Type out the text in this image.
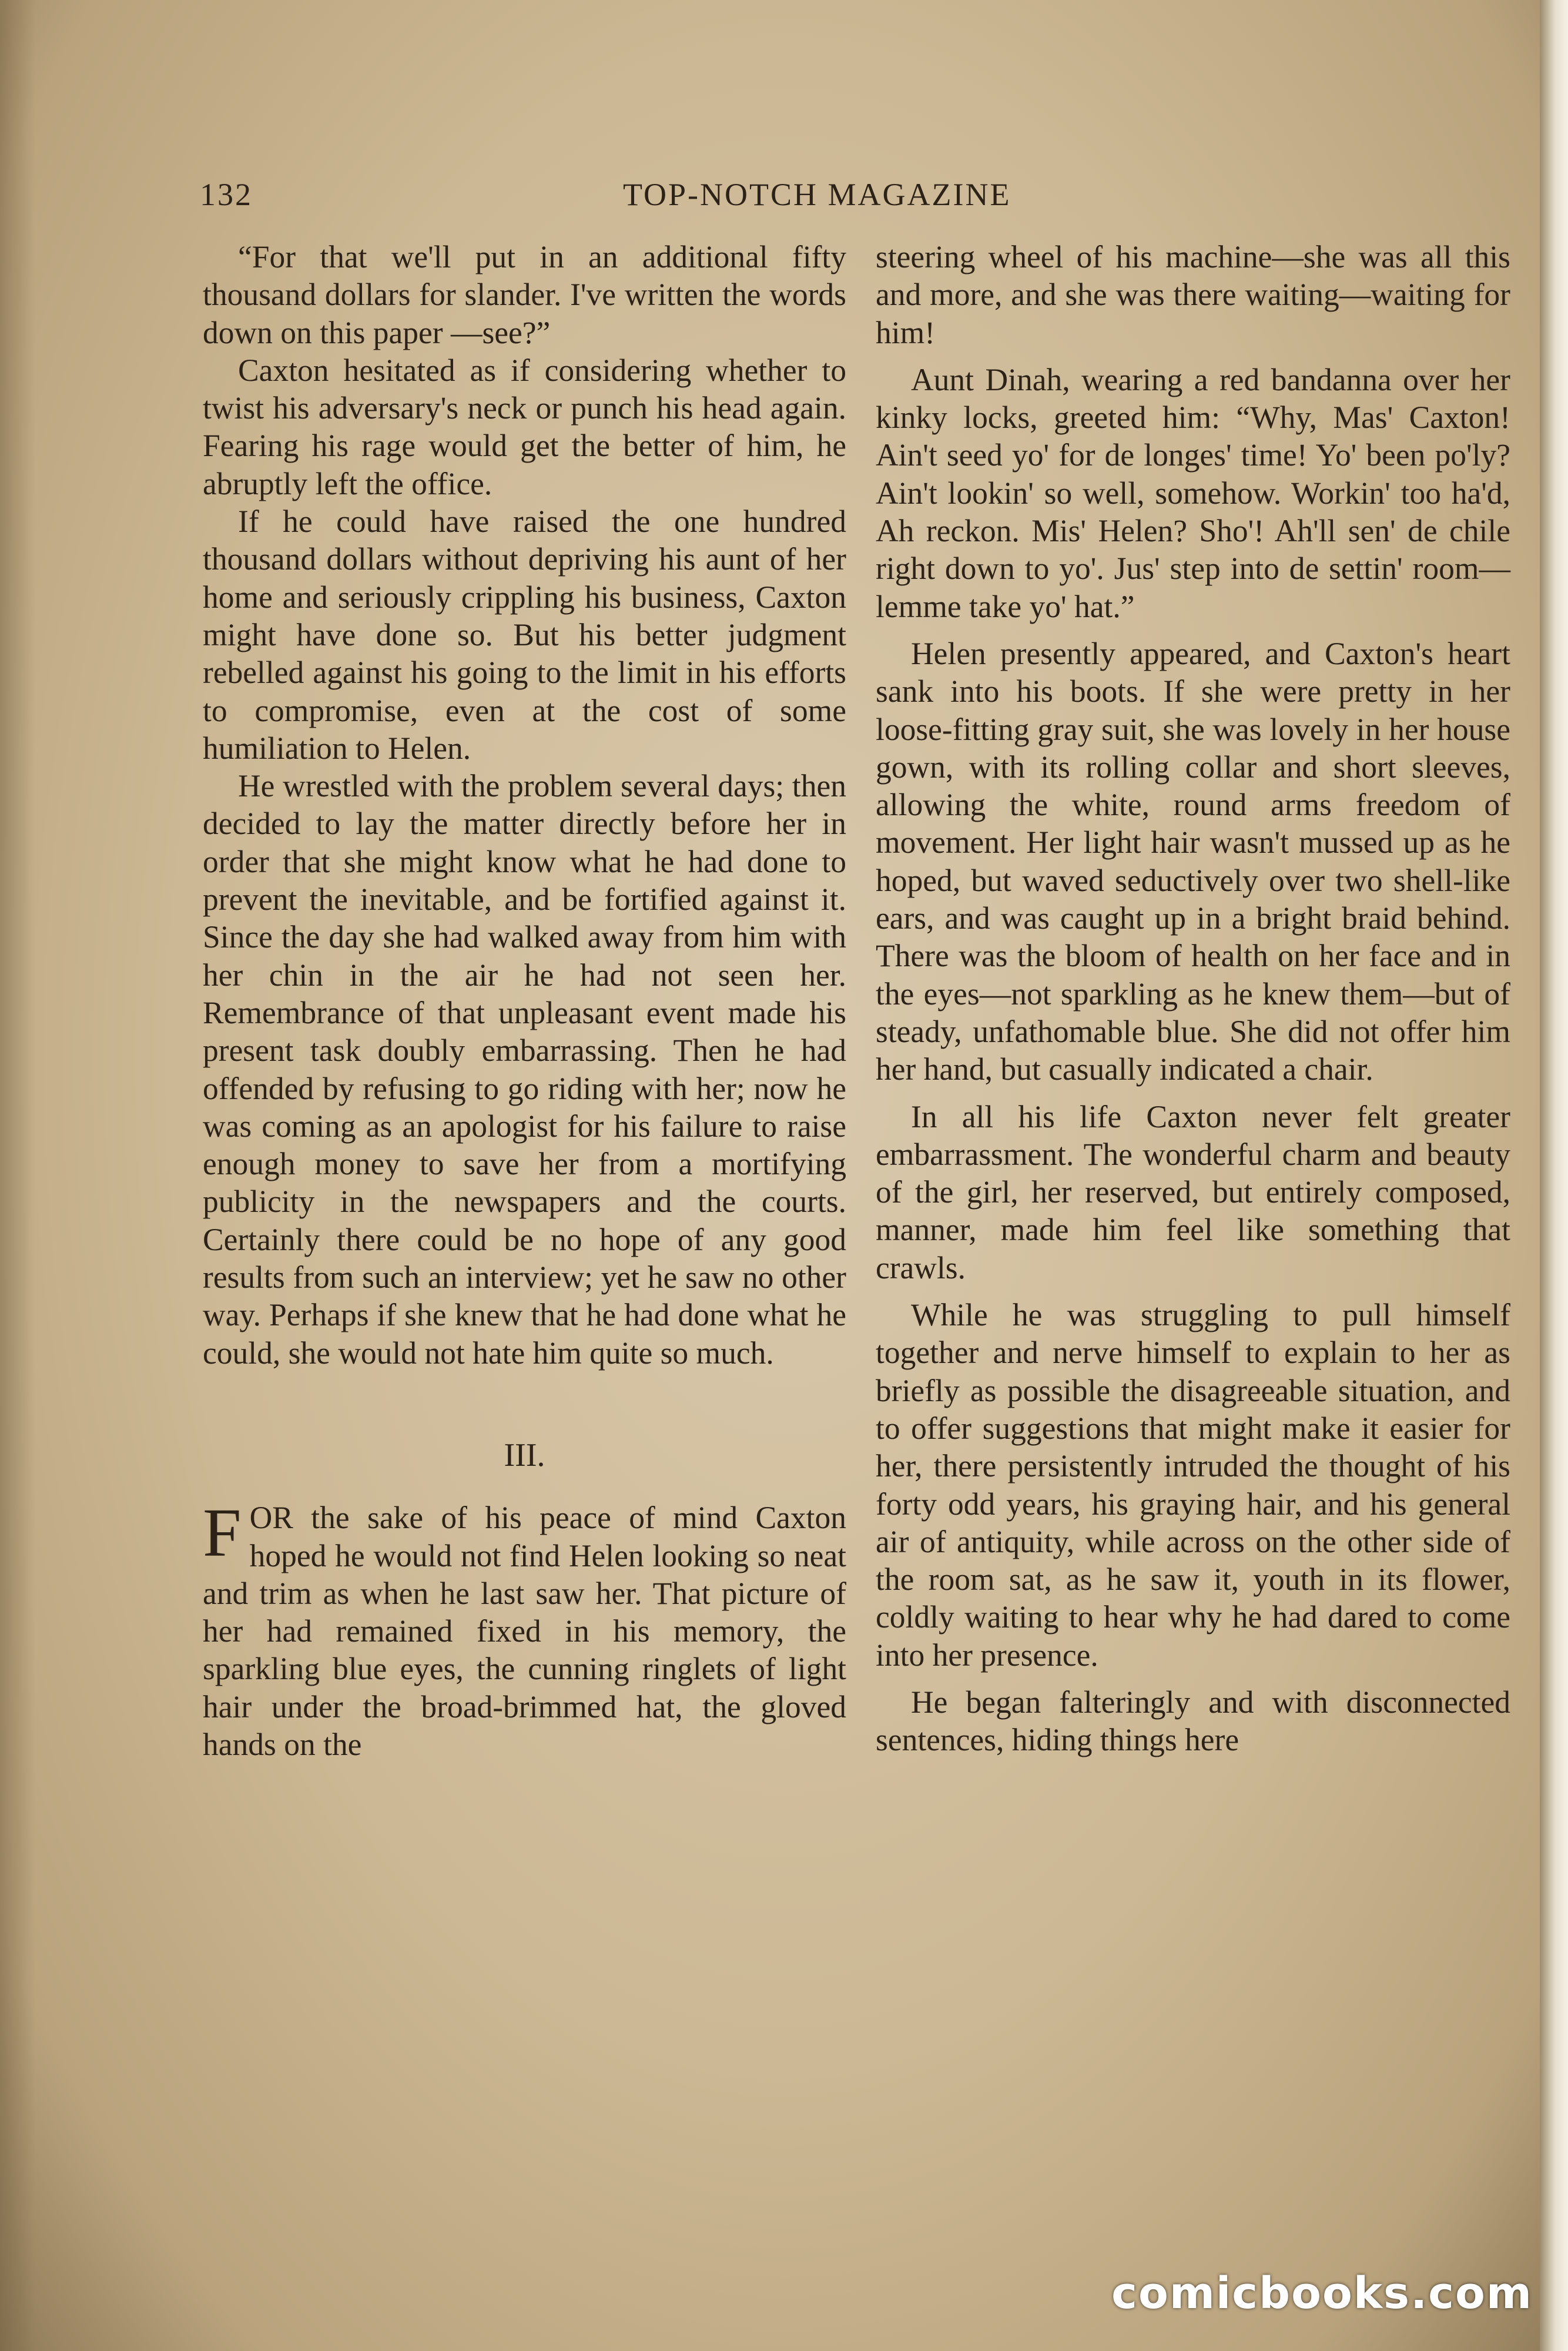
132	TOP-NOTCH MAGAZINE

“For that we'll put in an additional fifty thousand dollars for slander. I've written the words down on this paper —see?”

Caxton hesitated as if considering whether to twist his adversary's neck or punch his head again. Fearing his rage would get the better of him, he abruptly left the office.

If he could have raised the one hundred thousand dollars without depriving his aunt of her home and seriously crippling his business, Caxton might have done so. But his better judgment rebelled against his going to the limit in his efforts to compromise, even at the cost of some humiliation to Helen.

He wrestled with the problem several days; then decided to lay the matter directly before her in order that she might know what he had done to prevent the inevitable, and be fortified against it. Since the day she had walked away from him with her chin in the air he had not seen her. Remembrance of that unpleasant event made his present task doubly embarrassing. Then he had offended by refusing to go riding with her; now he was coming as an apologist for his failure to raise enough money to save her from a mortifying publicity in the newspapers and the courts. Certainly there could be no hope of any good results from such an interview; yet he saw no other way. Perhaps if she knew that he had done what he could, she would not hate him quite so much.

III.

FOR the sake of his peace of mind Caxton hoped he would not find Helen looking so neat and trim as when he last saw her. That picture of her had remained fixed in his memory, the sparkling blue eyes, the cunning ringlets of light hair under the broad-brimmed hat, the gloved hands on the

steering wheel of his machine—she was all this and more, and she was there waiting—waiting for him!

Aunt Dinah, wearing a red bandanna over her kinky locks, greeted him: “Why, Mas' Caxton! Ain't seed yo' for de longes' time! Yo' been po'ly? Ain't lookin' so well, somehow. Workin' too ha'd, Ah reckon. Mis' Helen? Sho'! Ah'll sen' de chile right down to yo'. Jus' step into de settin' room—lemme take yo' hat.”

Helen presently appeared, and Caxton's heart sank into his boots. If she were pretty in her loose-fitting gray suit, she was lovely in her house gown, with its rolling collar and short sleeves, allowing the white, round arms freedom of movement. Her light hair wasn't mussed up as he hoped, but waved seductively over two shell-like ears, and was caught up in a bright braid behind. There was the bloom of health on her face and in the eyes—not sparkling as he knew them—but of steady, unfathomable blue. She did not offer him her hand, but casually indicated a chair.

In all his life Caxton never felt greater embarrassment. The wonderful charm and beauty of the girl, her reserved, but entirely composed, manner, made him feel like something that crawls.

While he was struggling to pull himself together and nerve himself to explain to her as briefly as possible the disagreeable situation, and to offer suggestions that might make it easier for her, there persistently intruded the thought of his forty odd years, his graying hair, and his general air of antiquity, while across on the other side of the room sat, as he saw it, youth in its flower, coldly waiting to hear why he had dared to come into her presence.

He began falteringly and with disconnected sentences, hiding things here

comicbooks.com
